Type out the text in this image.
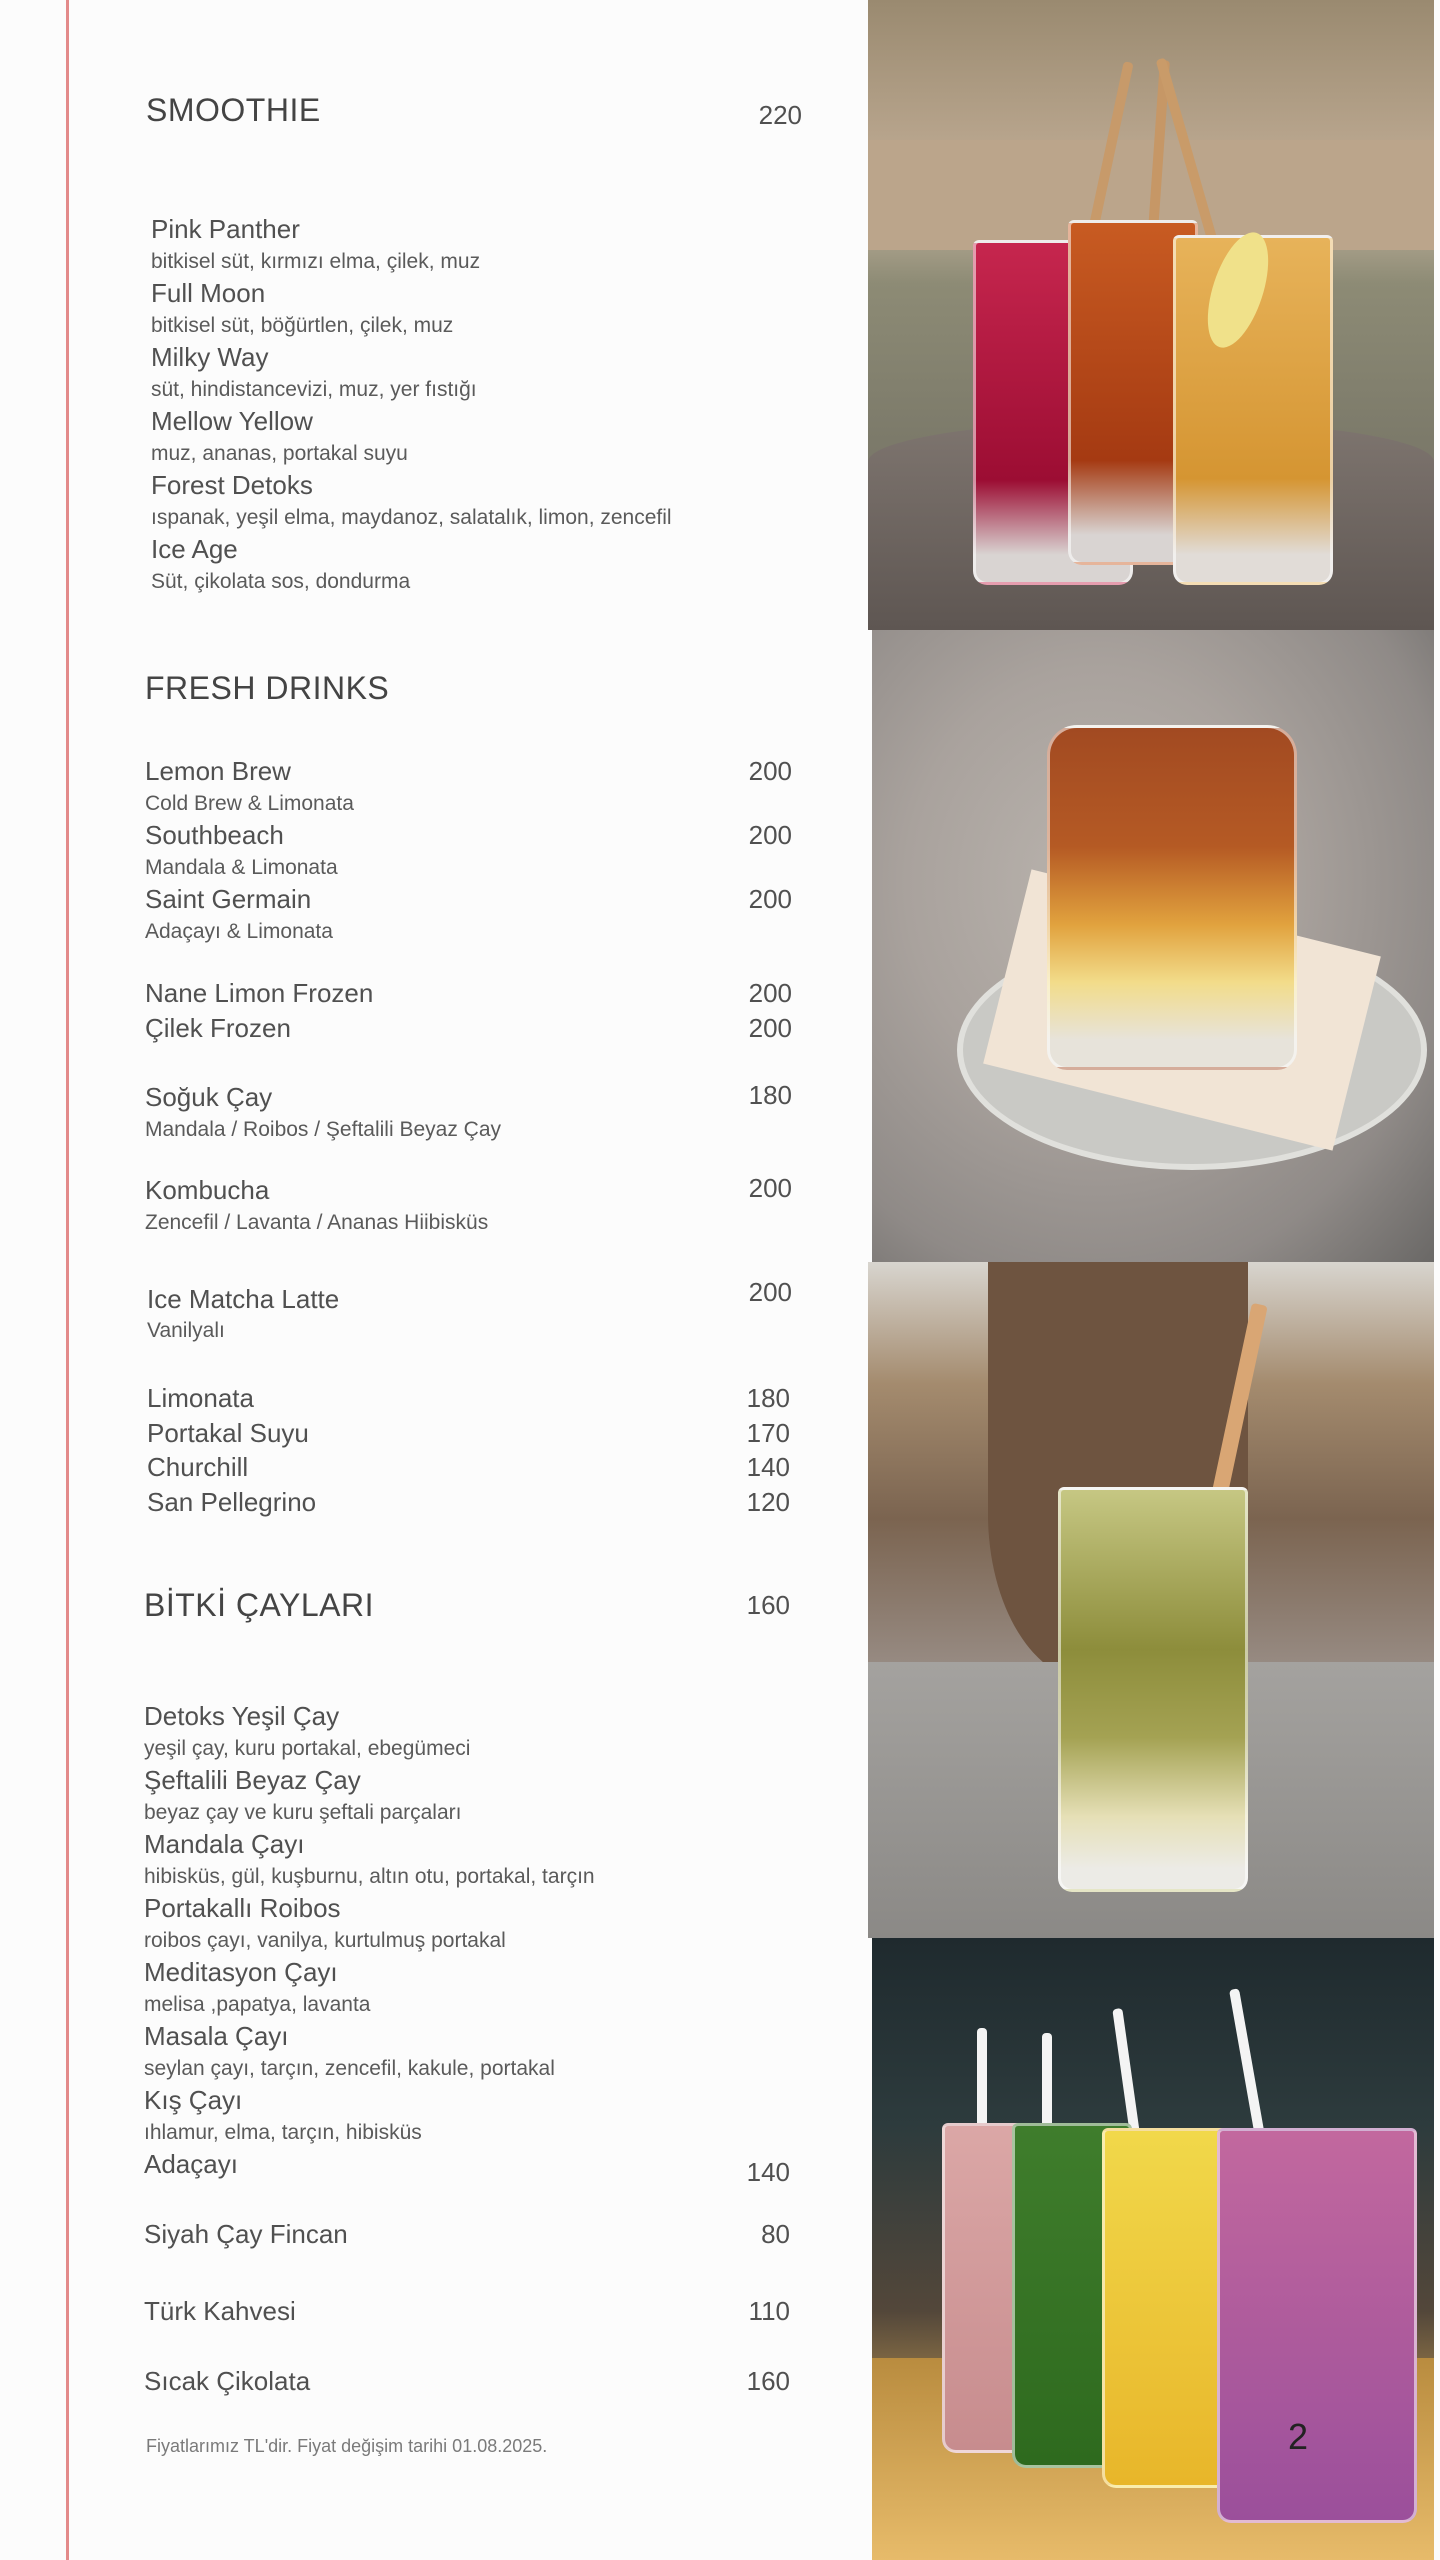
SMOOTHIE	220
Pink Panther
bitkisel süt, kırmızı elma, çilek, muz
Full Moon
bitkisel süt, böğürtlen, çilek, muz
Milky Way
süt, hindistancevizi, muz, yer fıstığı
Mellow Yellow
muz, ananas, portakal suyu
Forest Detoks
ıspanak, yeşil elma, maydanoz, salatalık, limon, zencefil
Ice Age
Süt, çikolata sos, dondurma
FRESH DRINKS
Lemon Brew	200
Cold Brew & Limonata
Southbeach	200
Mandala & Limonata
Saint Germain	200
Adaçayı & Limonata
Nane Limon Frozen	200
Çilek Frozen	200
Soğuk Çay	180
Mandala / Roibos / Şeftalili Beyaz Çay
Kombucha	200
Zencefil / Lavanta / Ananas Hiibisküs
Ice Matcha Latte	200
Vanilyalı
Limonata	180
Portakal Suyu	170
Churchill	140
San Pellegrino	120
BİTKİ ÇAYLARI	160
Detoks Yeşil Çay
yeşil çay, kuru portakal, ebegümeci
Şeftalili Beyaz Çay
beyaz çay ve kuru şeftali parçaları
Mandala Çayı
hibisküs, gül, kuşburnu, altın otu, portakal, tarçın
Portakallı Roibos
roibos çayı, vanilya, kurtulmuş portakal
Meditasyon Çayı
melisa ,papatya, lavanta
Masala Çayı
seylan çayı, tarçın, zencefil, kakule, portakal
Kış Çayı
ıhlamur, elma, tarçın, hibisküs
Adaçayı	140
Siyah Çay Fincan	80
Türk Kahvesi	110
Sıcak Çikolata	160
Fiyatlarımız TL'dir. Fiyat değişim tarihi 01.08.2025.	2
